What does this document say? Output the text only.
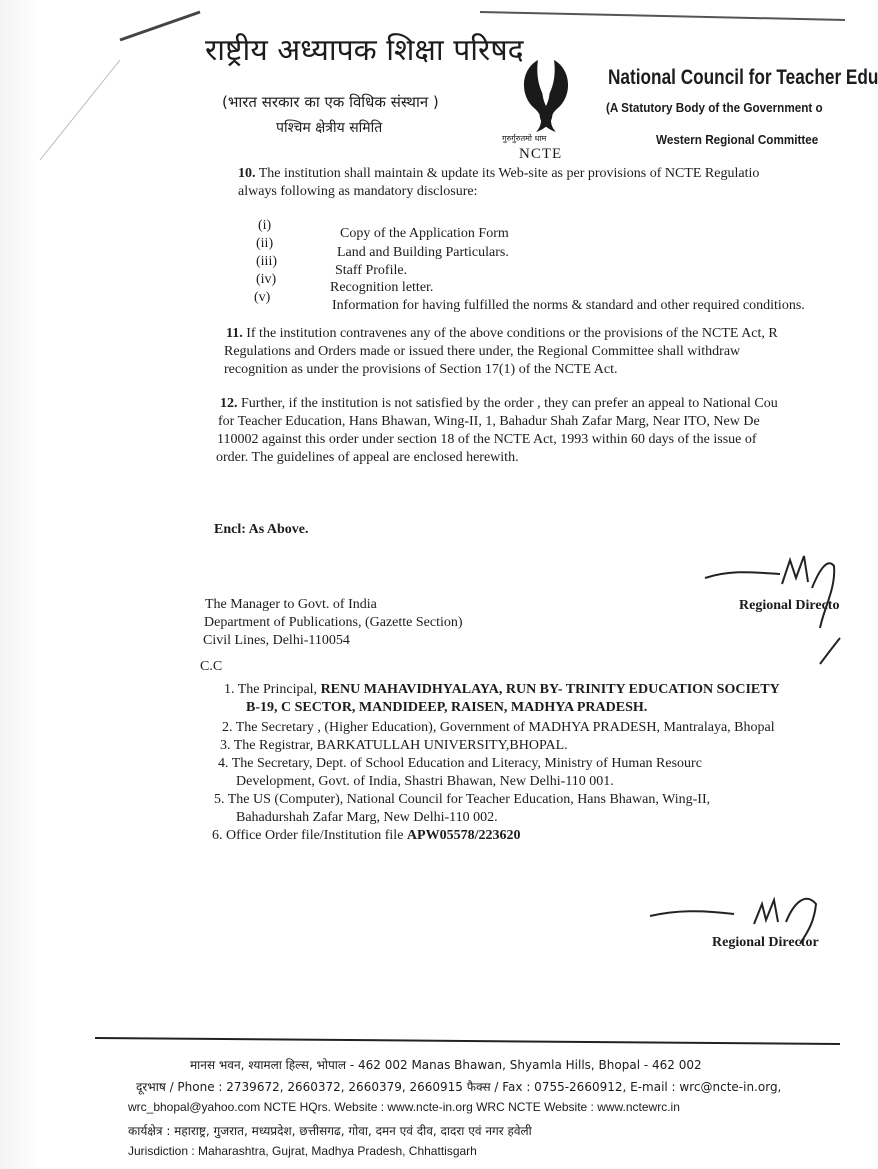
राष्ट्रीय अध्यापक शिक्षा परिषद
(भारत सरकार का एक विधिक संस्थान )
पश्चिम क्षेत्रीय समिति
गुरुर्गुरुतमो धाम
NCTE
National Council for Teacher Edu
(A Statutory Body of the Government o
Western Regional Committee
10. The institution shall maintain & update its Web-site as per provisions of NCTE Regulatio
always following as mandatory disclosure:
(i)
Copy of the Application Form
(ii)
Land and Building Particulars.
(iii)
Staff Profile.
(iv)
Recognition letter.
(v)
Information for having fulfilled the norms & standard and other required conditions.
11. If the institution contravenes any of the above conditions or the provisions of the NCTE Act, R
Regulations and Orders made or issued there under, the Regional Committee shall withdraw
recognition as under the provisions of Section 17(1) of the NCTE Act.
12. Further, if the institution is not satisfied by the order , they can prefer an appeal to National Cou
for Teacher Education, Hans Bhawan, Wing-II, 1, Bahadur Shah Zafar Marg, Near ITO, New De
110002 against this order under section 18 of the NCTE Act, 1993 within 60 days of the issue of
order. The guidelines of appeal are enclosed herewith.
Encl: As Above.
Regional Directo
The Manager to Govt. of India
Department of Publications, (Gazette Section)
Civil Lines, Delhi-110054
C.C
1. The Principal, RENU MAHAVIDHYALAYA, RUN BY- TRINITY EDUCATION SOCIETY
B-19, C SECTOR, MANDIDEEP, RAISEN, MADHYA PRADESH.
2. The Secretary , (Higher Education), Government of MADHYA PRADESH, Mantralaya, Bhopal
3. The Registrar, BARKATULLAH UNIVERSITY,BHOPAL.
4. The Secretary, Dept. of School Education and Literacy, Ministry of Human Resourc
Development, Govt. of India, Shastri Bhawan, New Delhi-110 001.
5. The US (Computer), National Council for Teacher Education, Hans Bhawan, Wing-II,
Bahadurshah Zafar Marg, New Delhi-110 002.
6. Office Order file/Institution file APW05578/223620
Regional Director
मानस भवन, श्यामला हिल्स, भोपाल - 462 002 Manas Bhawan, Shyamla Hills, Bhopal - 462 002
दूरभाष / Phone : 2739672, 2660372, 2660379, 2660915 फैक्स / Fax : 0755-2660912, E-mail : wrc@ncte-in.org,
wrc_bhopal@yahoo.com NCTE HQrs. Website : www.ncte-in.org WRC NCTE Website : www.nctewrc.in
कार्यक्षेत्र : महाराष्ट्र, गुजरात, मध्यप्रदेश, छत्तीसगढ, गोवा, दमन एवं दीव, दादरा एवं नगर हवेली
Jurisdiction : Maharashtra, Gujrat, Madhya Pradesh, Chhattisgarh
